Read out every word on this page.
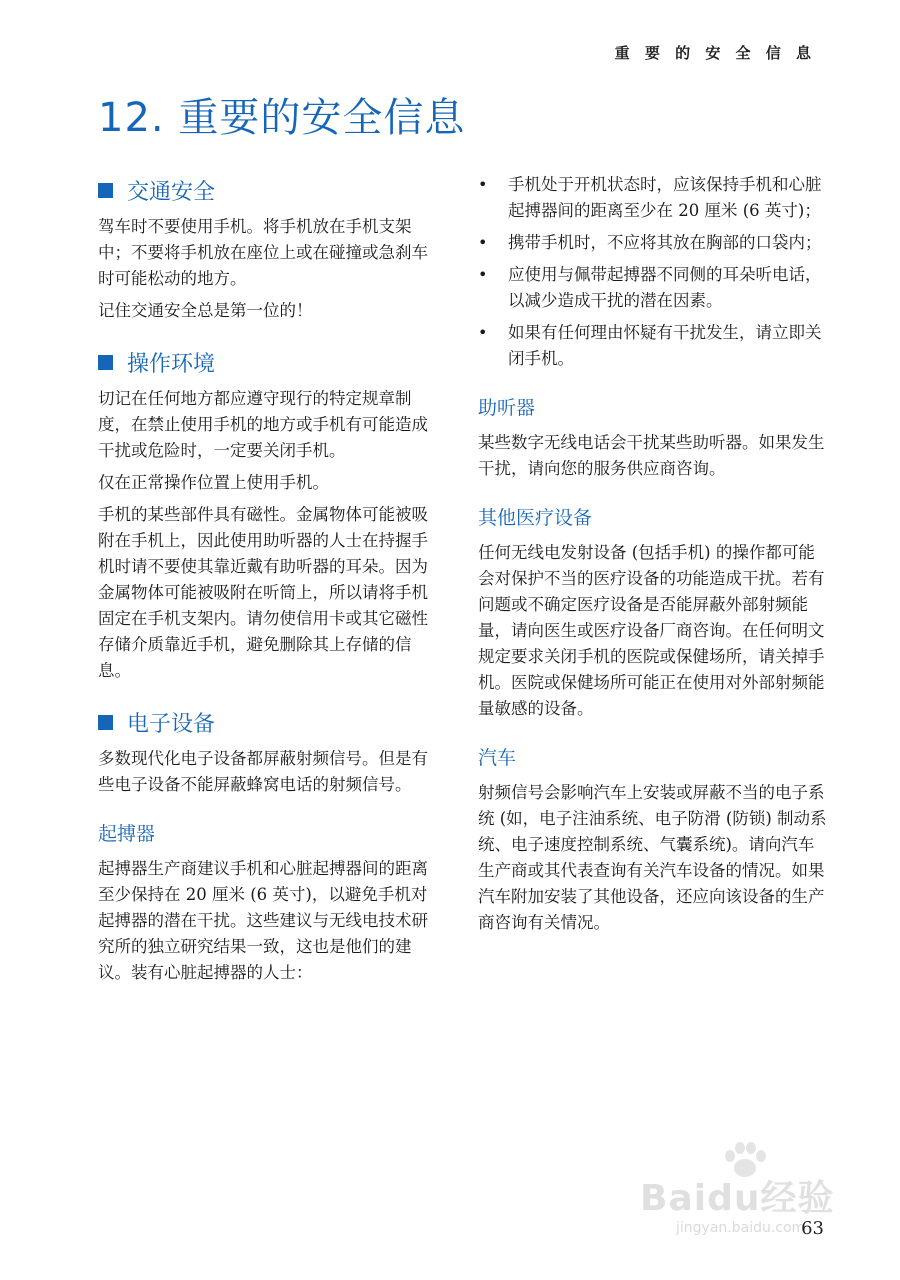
重 要 的 安 全 信 息
12. 重要的安全信息
交通安全

驾车时不要使用手机。将手机放在手机支架中；不要将手机放在座位上或在碰撞或急刹车时可能松动的地方。

记住交通安全总是第一位的！

操作环境

切记在任何地方都应遵守现行的特定规章制度，在禁止使用手机的地方或手机有可能造成干扰或危险时，一定要关闭手机。

仅在正常操作位置上使用手机。

手机的某些部件具有磁性。金属物体可能被吸附在手机上，因此使用助听器的人士在持握手机时请不要使其靠近戴有助听器的耳朵。因为金属物体可能被吸附在听筒上，所以请将手机固定在手机支架内。请勿使信用卡或其它磁性存储介质靠近手机，避免删除其上存储的信息。

电子设备

多数现代化电子设备都屏蔽射频信号。但是有些电子设备不能屏蔽蜂窝电话的射频信号。

起搏器

起搏器生产商建议手机和心脏起搏器间的距离至少保持在 20 厘米 (6 英寸)，以避免手机对起搏器的潜在干扰。这些建议与无线电技术研究所的独立研究结果一致，这也是他们的建议。装有心脏起搏器的人士：

• 手机处于开机状态时，应该保持手机和心脏起搏器间的距离至少在 20 厘米 (6 英寸)；
• 携带手机时，不应将其放在胸部的口袋内；
• 应使用与佩带起搏器不同侧的耳朵听电话，以减少造成干扰的潜在因素。
• 如果有任何理由怀疑有干扰发生，请立即关闭手机。
助听器

某些数字无线电话会干扰某些助听器。如果发生干扰，请向您的服务供应商咨询。

其他医疗设备

任何无线电发射设备 (包括手机) 的操作都可能会对保护不当的医疗设备的功能造成干扰。若有问题或不确定医疗设备是否能屏蔽外部射频能量，请向医生或医疗设备厂商咨询。在任何明文规定要求关闭手机的医院或保健场所，请关掉手机。医院或保健场所可能正在使用对外部射频能量敏感的设备。

汽车

射频信号会影响汽车上安装或屏蔽不当的电子系统 (如，电子注油系统、电子防滑 (防锁) 制动系统、电子速度控制系统、气囊系统)。请向汽车生产商或其代表查询有关汽车设备的情况。如果汽车附加安装了其他设备，还应向该设备的生产商咨询有关情况。

Baidu经验
jingyan.baidu.com
63
